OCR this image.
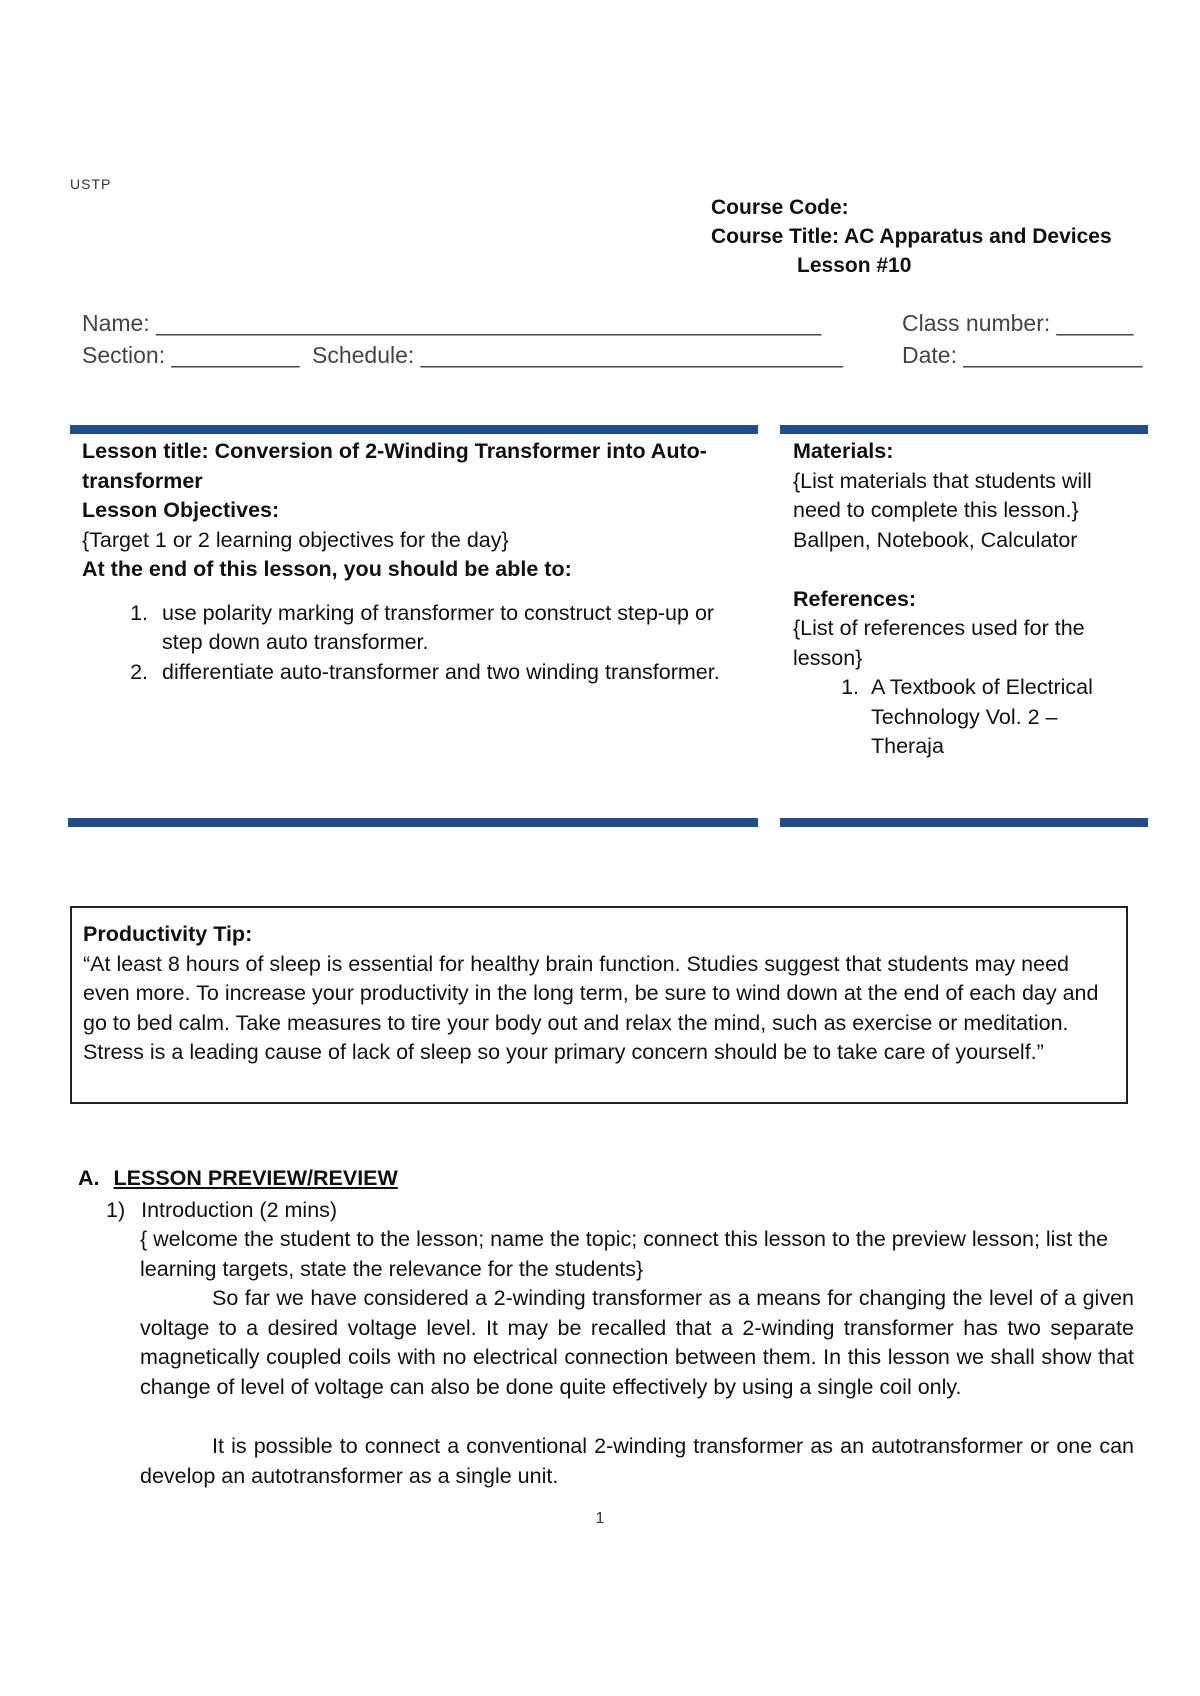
USTP
Course Code:
Course Title: AC Apparatus and Devices
Lesson #10
Name: ____________________________________________________	Class number: ______
Section: __________ Schedule: _________________________________	Date: ______________
Lesson title: Conversion of 2-Winding Transformer into Auto-
transformer
Lesson Objectives:
{Target 1 or 2 learning objectives for the day}
At the end of this lesson, you should be able to:
1. use polarity marking of transformer to construct step-up or step down auto transformer.
2. differentiate auto-transformer and two winding transformer.
Materials:
{List materials that students will need to complete this lesson.}
Ballpen, Notebook, Calculator
References:
{List of references used for the lesson}
1. A Textbook of Electrical Technology Vol. 2 – Theraja
Productivity Tip:
“At least 8 hours of sleep is essential for healthy brain function. Studies suggest that students may need even more. To increase your productivity in the long term, be sure to wind down at the end of each day and go to bed calm. Take measures to tire your body out and relax the mind, such as exercise or meditation. Stress is a leading cause of lack of sleep so your primary concern should be to take care of yourself.”
A. LESSON PREVIEW/REVIEW
1) Introduction (2 mins)
{ welcome the student to the lesson; name the topic; connect this lesson to the preview lesson; list the learning targets, state the relevance for the students}
So far we have considered a 2-winding transformer as a means for changing the level of a given voltage to a desired voltage level. It may be recalled that a 2-winding transformer has two separate magnetically coupled coils with no electrical connection between them. In this lesson we shall show that change of level of voltage can also be done quite effectively by using a single coil only.
It is possible to connect a conventional 2-winding transformer as an autotransformer or one can develop an autotransformer as a single unit.
1
